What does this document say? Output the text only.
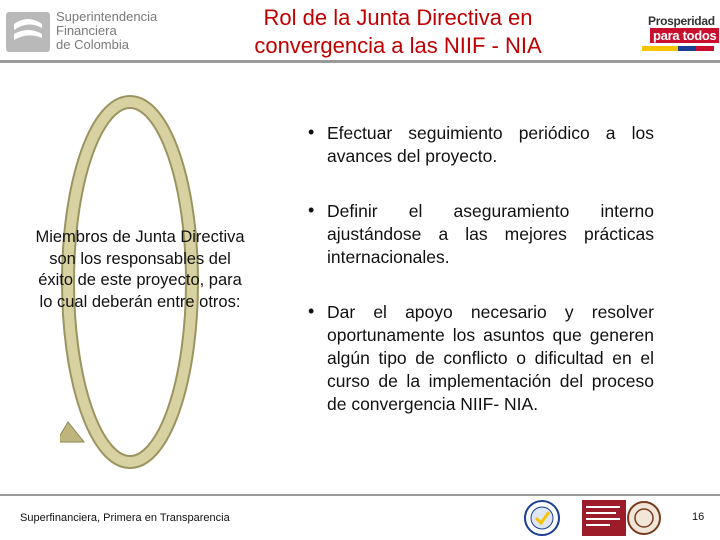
Superintendencia
Financiera
de Colombia
Rol de la Junta Directiva en
convergencia a las NIIF - NIA
Prosperidad
para todos
Miembros de Junta Directiva son los responsables del éxito de este proyecto, para lo cual deberán entre otros:
• Efectuar seguimiento periódico a los avances del proyecto.
• Definir el aseguramiento interno ajustándose a las mejores prácticas internacionales.
• Dar el apoyo necesario y resolver oportunamente los asuntos que generen algún tipo de conflicto o dificultad en el curso de la implementación del proceso de convergencia NIIF- NIA.
Superfinanciera, Primera en Transparencia	16
